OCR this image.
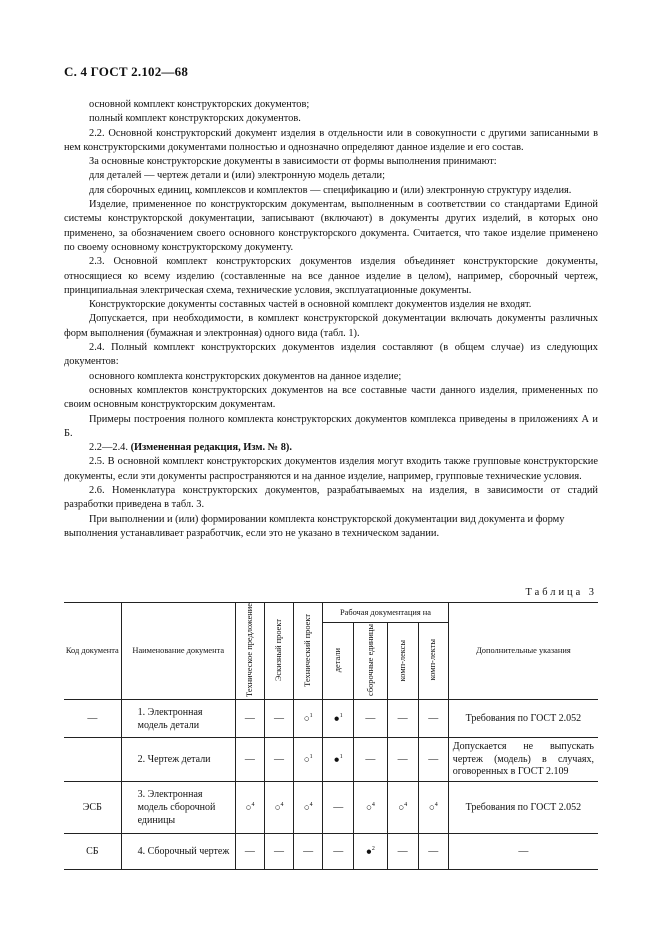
С. 4 ГОСТ 2.102—68

основной комплект конструкторских документов;

полный комплект конструкторских документов.

2.2. Основной конструкторский документ изделия в отдельности или в совокупности с другими записанными в нем конструкторскими документами полностью и однозначно определяют данное изделие и его состав.

За основные конструкторские документы в зависимости от формы выполнения принимают:

для деталей — чертеж детали и (или) электронную модель детали;

для сборочных единиц, комплексов и комплектов — спецификацию и (или) электронную структуру изделия.

Изделие, примененное по конструкторским документам, выполненным в соответствии со стандартами Единой системы конструкторской документации, записывают (включают) в документы других изделий, в которых оно применено, за обозначением своего основного конструкторского документа. Считается, что такое изделие применено по своему основному конструкторскому документу.

2.3. Основной комплект конструкторских документов изделия объединяет конструкторские документы, относящиеся ко всему изделию (составленные на все данное изделие в целом), например, сборочный чертеж, принципиальная электрическая схема, технические условия, эксплуатационные документы.

Конструкторские документы составных частей в основной комплект документов изделия не входят.

Допускается, при необходимости, в комплект конструкторской документации включать документы различных форм выполнения (бумажная и электронная) одного вида (табл. 1).

2.4. Полный комплект конструкторских документов изделия составляют (в общем случае) из следующих документов:

основного комплекта конструкторских документов на данное изделие;

основных комплектов конструкторских документов на все составные части данного изделия, примененных по своим основным конструкторским документам.

Примеры построения полного комплекта конструкторских документов комплекса приведены в приложениях А и Б.

2.2—2.4. (Измененная редакция, Изм. № 8).

2.5. В основной комплект конструкторских документов изделия могут входить также групповые конструкторские документы, если эти документы распространяются и на данное изделие, например, групповые технические условия.

2.6. Номенклатура конструкторских документов, разрабатываемых на изделия, в зависимости от стадий разработки приведена в табл. 3.

При выполнении и (или) формировании комплекта конструкторской документации вид документа и форму выполнения устанавливает разработчик, если это не указано в техническом задании.

Таблица 3
Код документа	Наименование документа	Техническое предложение	Эскизный проект	Технический проект	Рабочая документация на				Дополнительные указания
					детали	сборочные единицы	комп-лексы	комп-лекты	
—	1. Электронная модель детали	—	—	○$^1$	●$^1$	—	—	—	Требования по ГОСТ 2.052
	2. Чертеж детали	—	—	○$^1$	●$^1$	—	—	—	Допускается не выпускать чертеж (модель) в случаях, оговоренных в ГОСТ 2.109
ЭСБ	3. Электронная модель сборочной единицы	○$^4$	○$^4$	○$^4$	—	○$^4$	○$^4$	○$^4$	Требования по ГОСТ 2.052
СБ	4. Сборочный чертеж	—	—	—	—	●$^2$	—	—	—
